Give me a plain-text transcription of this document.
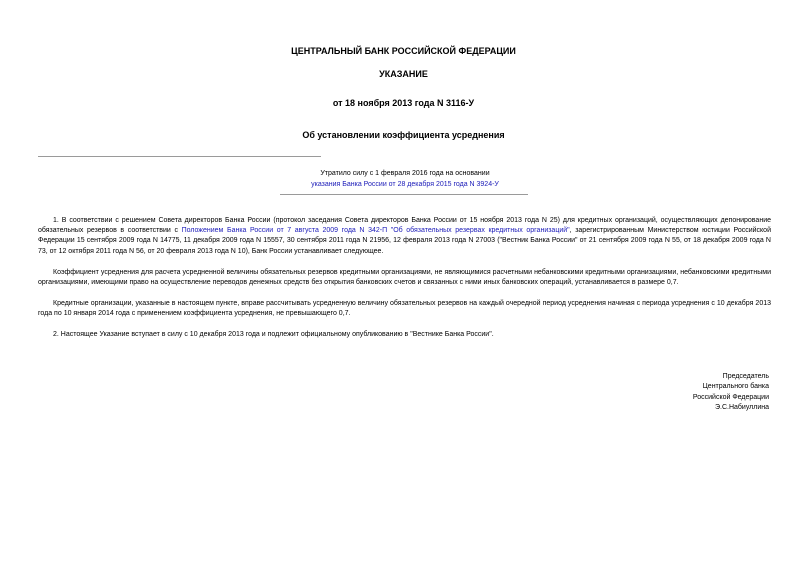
ЦЕНТРАЛЬНЫЙ БАНК РОССИЙСКОЙ ФЕДЕРАЦИИ
УКАЗАНИЕ
от 18 ноября 2013 года N 3116-У
Об установлении коэффициента усреднения
Утратило силу с 1 февраля 2016 года на основании
указания Банка России от 28 декабря 2015 года N 3924-У

1. В соответствии с решением Совета директоров Банка России (протокол заседания Совета директоров Банка России от 15 ноября 2013 года N 25) для кредитных организаций, осуществляющих депонирование обязательных резервов в соответствии с Положением Банка России от 7 августа 2009 года N 342-П "Об обязательных резервах кредитных организаций", зарегистрированным Министерством юстиции Российской Федерации 15 сентября 2009 года N 14775, 11 декабря 2009 года N 15557, 30 сентября 2011 года N 21956, 12 февраля 2013 года N 27003 ("Вестник Банка России" от 21 сентября 2009 года N 55, от 18 декабря 2009 года N 73, от 12 октября 2011 года N 56, от 20 февраля 2013 года N 10), Банк России устанавливает следующее.

Коэффициент усреднения для расчета усредненной величины обязательных резервов кредитными организациями, не являющимися расчетными небанковскими кредитными организациями, небанковскими кредитными организациями, имеющими право на осуществление переводов денежных средств без открытия банковских счетов и связанных с ними иных банковских операций, устанавливается в размере 0,7.

Кредитные организации, указанные в настоящем пункте, вправе рассчитывать усредненную величину обязательных резервов на каждый очередной период усреднения начиная с периода усреднения с 10 декабря 2013 года по 10 января 2014 года с применением коэффициента усреднения, не превышающего 0,7.

2. Настоящее Указание вступает в силу с 10 декабря 2013 года и подлежит официальному опубликованию в "Вестнике Банка России".

Председатель
Центрального банка
Российской Федерации
Э.С.Набиуллина
